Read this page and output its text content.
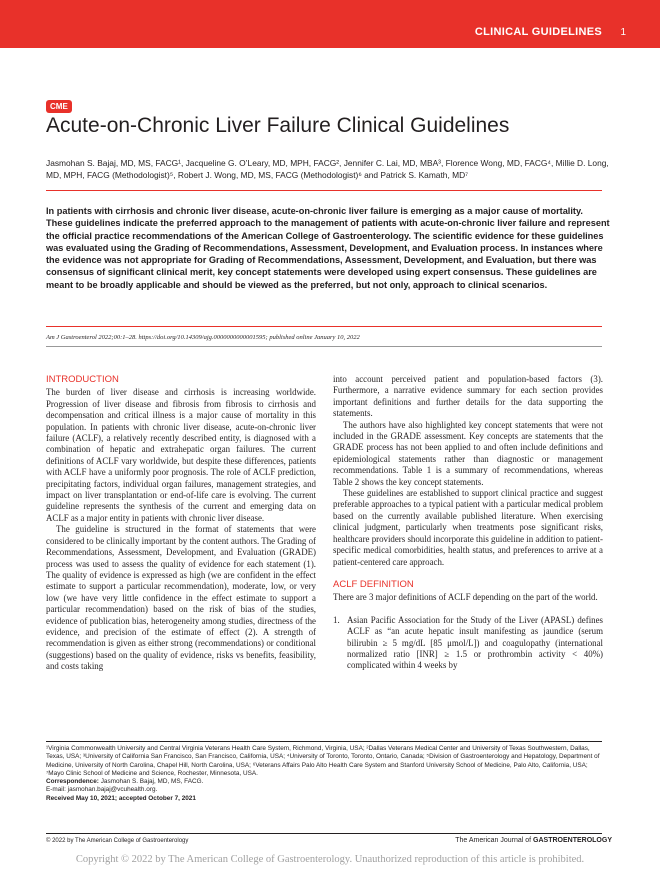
CLINICAL GUIDELINES 1
CME
Acute-on-Chronic Liver Failure Clinical Guidelines
Jasmohan S. Bajaj, MD, MS, FACG¹, Jacqueline G. O’Leary, MD, MPH, FACG², Jennifer C. Lai, MD, MBA³, Florence Wong, MD, FACG⁴, Millie D. Long, MD, MPH, FACG (Methodologist)⁵, Robert J. Wong, MD, MS, FACG (Methodologist)⁶ and Patrick S. Kamath, MD⁷
In patients with cirrhosis and chronic liver disease, acute-on-chronic liver failure is emerging as a major cause of mortality. These guidelines indicate the preferred approach to the management of patients with acute-on-chronic liver failure and represent the official practice recommendations of the American College of Gastroenterology. The scientific evidence for these guidelines was evaluated using the Grading of Recommendations, Assessment, Development, and Evaluation process. In instances where the evidence was not appropriate for Grading of Recommendations, Assessment, Development, and Evaluation, but there was consensus of significant clinical merit, key concept statements were developed using expert consensus. These guidelines are meant to be broadly applicable and should be viewed as the preferred, but not only, approach to clinical scenarios.
Am J Gastroenterol 2022;00:1–28. https://doi.org/10.14309/ajg.0000000000001595; published online January 10, 2022
INTRODUCTION

The burden of liver disease and cirrhosis is increasing worldwide. Progression of liver disease and fibrosis from fibrosis to cirrhosis and decompensation and critical illness is a major cause of mortality in this population. In patients with chronic liver disease, acute-on-chronic liver failure (ACLF), a relatively recently described entity, is diagnosed with a combination of hepatic and extrahepatic organ failures. The current definitions of ACLF vary worldwide, but despite these differences, patients with ACLF have a uniformly poor prognosis. The role of ACLF prediction, precipitating factors, individual organ failures, management strategies, and impact on liver transplantation or end-of-life care is evolving. The current guideline represents the synthesis of the current and emerging data on ACLF as a major entity in patients with chronic liver disease.

The guideline is structured in the format of statements that were considered to be clinically important by the content authors. The Grading of Recommendations, Assessment, Development, and Evaluation (GRADE) process was used to assess the quality of evidence for each statement (1). The quality of evidence is expressed as high (we are confident in the effect estimate to support a particular recommendation), moderate, low, or very low (we have very little confidence in the effect estimate to support a particular recommendation) based on the risk of bias of the studies, evidence of publication bias, heterogeneity among studies, directness of the evidence, and precision of the estimate of effect (2). A strength of recommendation is given as either strong (recommendations) or conditional (suggestions) based on the quality of evidence, risks vs benefits, feasibility, and costs taking

into account perceived patient and population-based factors (3). Furthermore, a narrative evidence summary for each section provides important definitions and further details for the data supporting the statements.

The authors have also highlighted key concept statements that were not included in the GRADE assessment. Key concepts are statements that the GRADE process has not been applied to and often include definitions and epidemiological statements rather than diagnostic or management recommendations. Table 1 is a summary of recommendations, whereas Table 2 shows the key concept statements.

These guidelines are established to support clinical practice and suggest preferable approaches to a typical patient with a particular medical problem based on the currently available published literature. When exercising clinical judgment, particularly when treatments pose significant risks, healthcare providers should incorporate this guideline in addition to patient-specific medical comorbidities, health status, and preferences to arrive at a patient-centered care approach.

ACLF DEFINITION

There are 3 major definitions of ACLF depending on the part of the world.

1. Asian Pacific Association for the Study of the Liver (APASL) defines ACLF as “an acute hepatic insult manifesting as jaundice (serum bilirubin ≥ 5 mg/dL [85 μmol/L]) and coagulopathy (international normalized ratio [INR] ≥ 1.5 or prothrombin activity < 40%) complicated within 4 weeks by
¹Virginia Commonwealth University and Central Virginia Veterans Health Care System, Richmond, Virginia, USA; ²Dallas Veterans Medical Center and University of Texas Southwestern, Dallas, Texas, USA; ³University of California San Francisco, San Francisco, California, USA; ⁴University of Toronto, Toronto, Ontario, Canada; ⁵Division of Gastroenterology and Hepatology, Department of Medicine, University of North Carolina, Chapel Hill, North Carolina, USA; ⁶Veterans Affairs Palo Alto Health Care System and Stanford University School of Medicine, Palo Alto, California, USA; ⁷Mayo Clinic School of Medicine and Science, Rochester, Minnesota, USA.
Correspondence: Jasmohan S. Bajaj, MD, MS, FACG.
E-mail: jasmohan.bajaj@vcuhealth.org.
Received May 10, 2021; accepted October 7, 2021
© 2022 by The American College of Gastroenterology	The American Journal of GASTROENTEROLOGY
Copyright © 2022 by The American College of Gastroenterology. Unauthorized reproduction of this article is prohibited.
